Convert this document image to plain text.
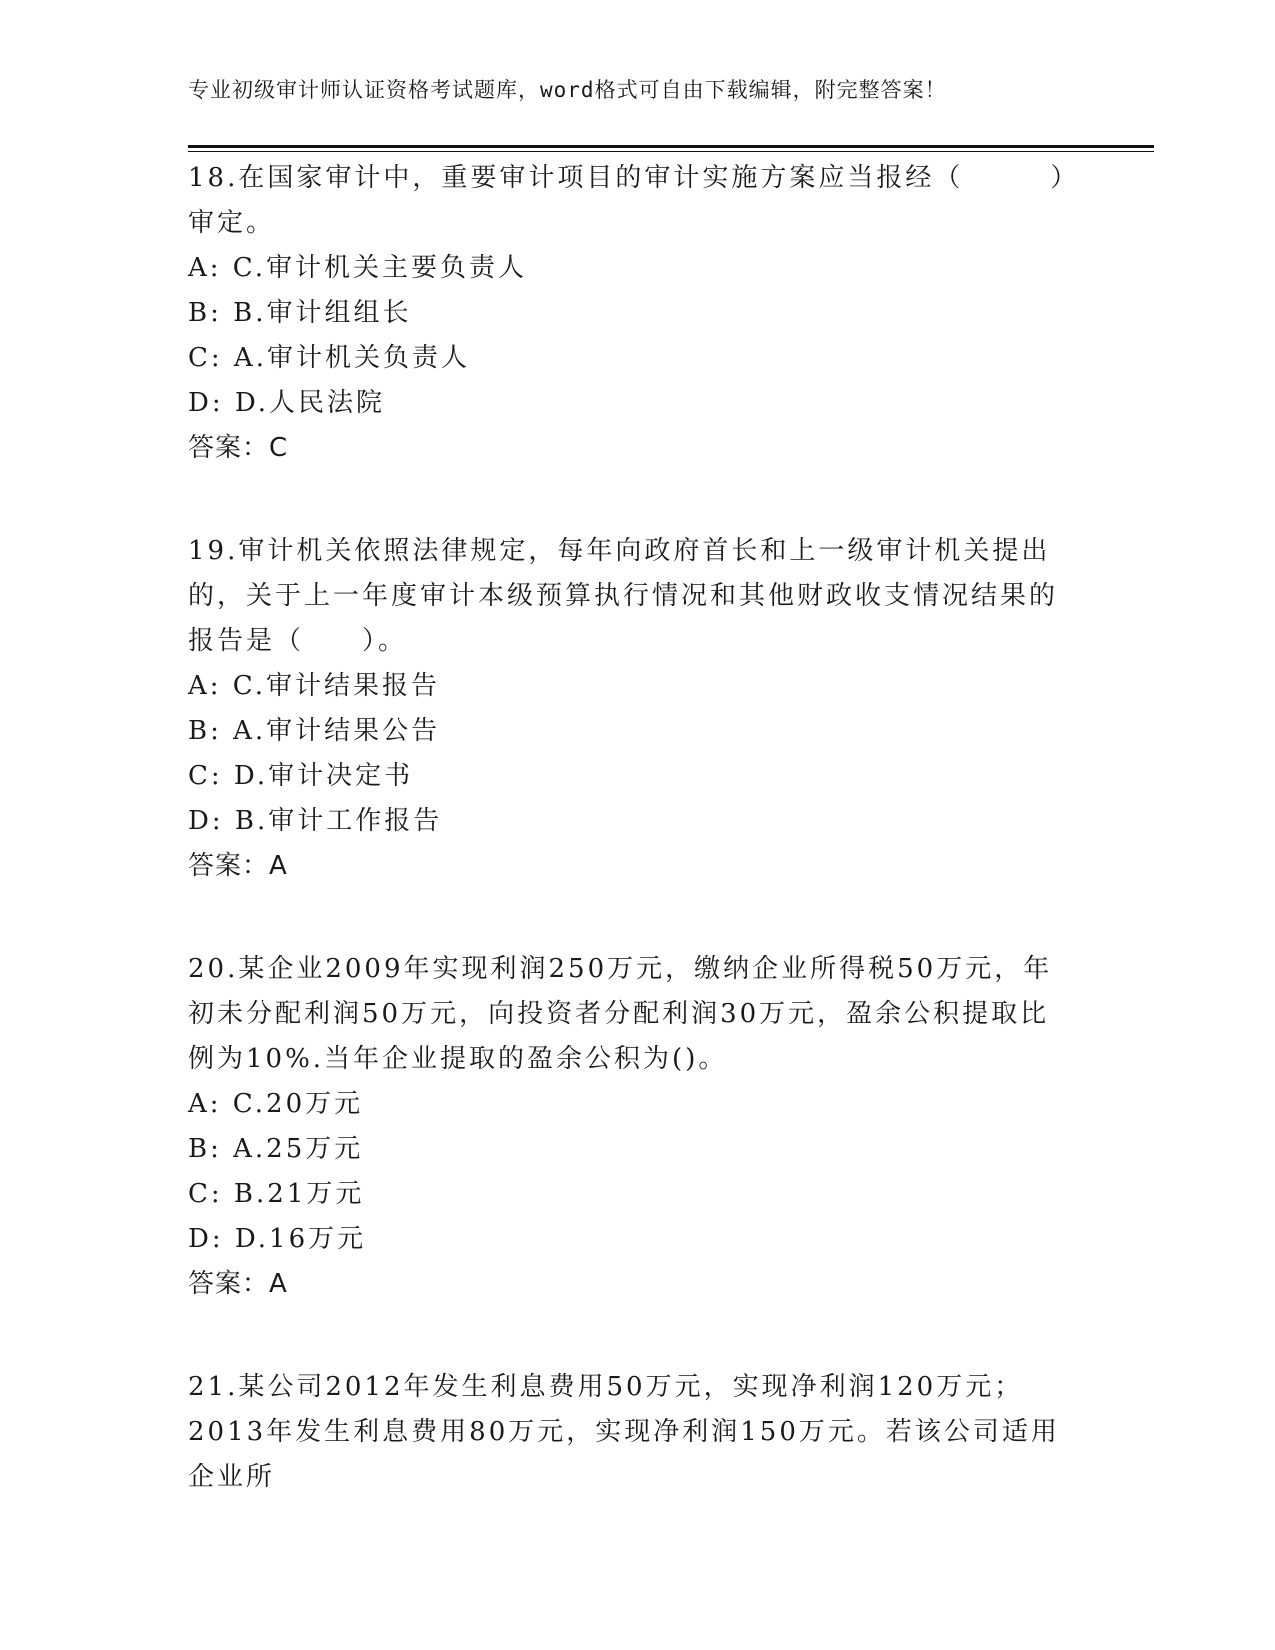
专业初级审计师认证资格考试题库，word格式可自由下载编辑，附完整答案！

18.在国家审计中，重要审计项目的审计实施方案应当报经（　　　）审定。

A: C.审计机关主要负责人

B: B.审计组组长

C: A.审计机关负责人

D: D.人民法院

答案：C

19.审计机关依照法律规定，每年向政府首长和上一级审计机关提出的，关于上一年度审计本级预算执行情况和其他财政收支情况结果的报告是（　　）。

A: C.审计结果报告

B: A.审计结果公告

C: D.审计决定书

D: B.审计工作报告

答案：A

20.某企业2009年实现利润250万元，缴纳企业所得税50万元，年初未分配利润50万元，向投资者分配利润30万元，盈余公积提取比例为10%.当年企业提取的盈余公积为()。

A: C.20万元

B: A.25万元

C: B.21万元

D: D.16万元

答案：A

21.某公司2012年发生利息费用50万元，实现净利润120万元；2013年发生利息费用80万元，实现净利润150万元。若该公司适用企业所
